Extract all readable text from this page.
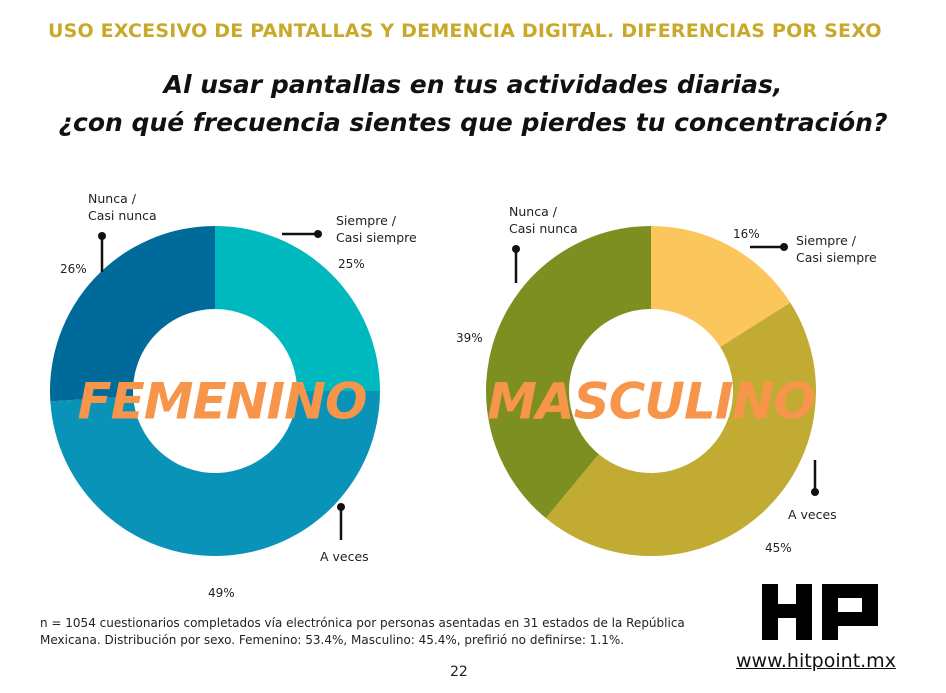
USO EXCESIVO DE PANTALLAS Y DEMENCIA DIGITAL. DIFERENCIAS POR SEXO
Al usar pantallas en tus actividades diarias,
¿con qué frecuencia sientes que pierdes tu concentración?
Siempre / Casi siempre
25%
A veces
49%
Nunca / Casi nunca
26%
FEMENINO
Siempre / Casi siempre
16%
A veces
45%
Nunca / Casi nunca
39%
MASCULINO
n = 1054 cuestionarios completados vía electrónica por personas asentadas en 31 estados de la República
Mexicana. Distribución por sexo. Femenino: 53.4%, Masculino: 45.4%, prefirió no definirse: 1.1%.
22	www.hitpoint.mx
